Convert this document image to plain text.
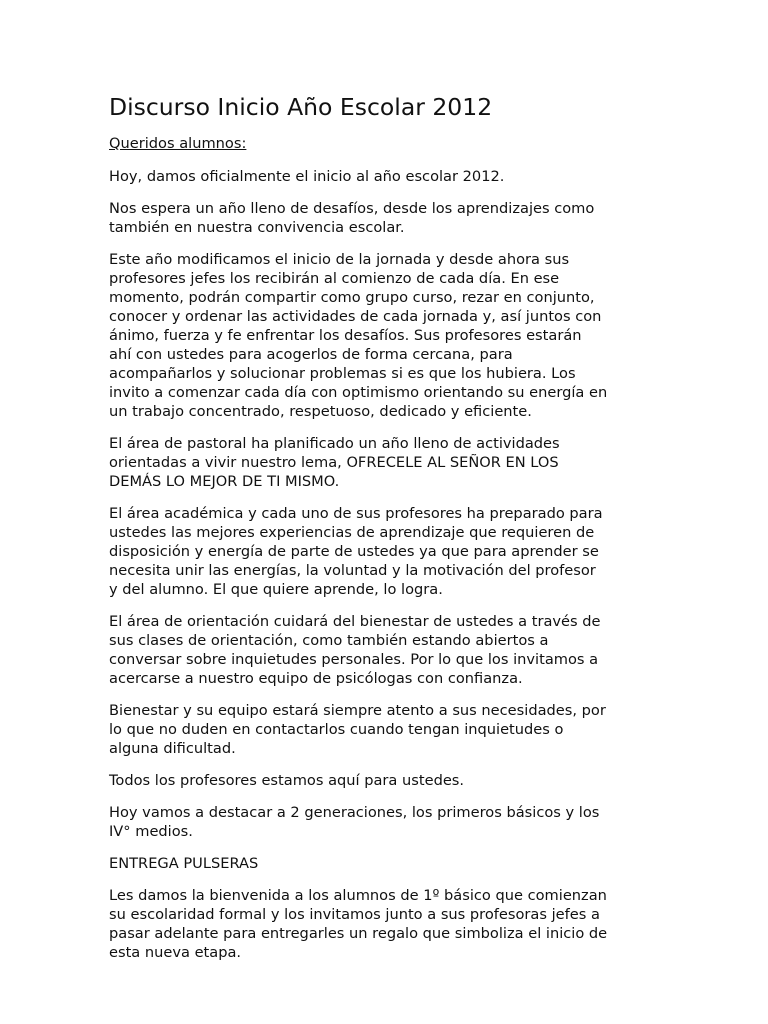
Discurso Inicio Año Escolar 2012

Queridos alumnos:

Hoy, damos oficialmente el inicio al año escolar 2012.

Nos espera un año lleno de desafíos, desde los aprendizajes como
también en nuestra convivencia escolar.

Este año modificamos el inicio de la jornada y desde ahora sus
profesores jefes los recibirán al comienzo de cada día. En ese
momento, podrán compartir como grupo curso, rezar en conjunto,
conocer y ordenar las actividades de cada jornada y, así juntos con
ánimo, fuerza y fe enfrentar los desafíos. Sus profesores estarán
ahí con ustedes para acogerlos de forma cercana, para
acompañarlos y solucionar problemas si es que los hubiera. Los
invito a comenzar cada día con optimismo orientando su energía en
un trabajo concentrado, respetuoso, dedicado y eficiente.

El área de pastoral ha planificado un año lleno de actividades
orientadas a vivir nuestro lema, OFRECELE AL SEÑOR EN LOS
DEMÁS LO MEJOR DE TI MISMO.

El área académica y cada uno de sus profesores ha preparado para
ustedes las mejores experiencias de aprendizaje que requieren de
disposición y energía de parte de ustedes ya que para aprender se
necesita unir las energías, la voluntad y la motivación del profesor
y del alumno. El que quiere aprende, lo logra.

El área de orientación cuidará del bienestar de ustedes a través de
sus clases de orientación, como también estando abiertos a
conversar sobre inquietudes personales. Por lo que los invitamos a
acercarse a nuestro equipo de psicólogas con confianza.

Bienestar y su equipo estará siempre atento a sus necesidades, por
lo que no duden en contactarlos cuando tengan inquietudes o
alguna dificultad.

Todos los profesores estamos aquí para ustedes.

Hoy vamos a destacar a 2 generaciones, los primeros básicos y los
IV° medios.

ENTREGA PULSERAS

Les damos la bienvenida a los alumnos de 1º básico que comienzan
su escolaridad formal y los invitamos junto a sus profesoras jefes a
pasar adelante para entregarles un regalo que simboliza el inicio de
esta nueva etapa.
